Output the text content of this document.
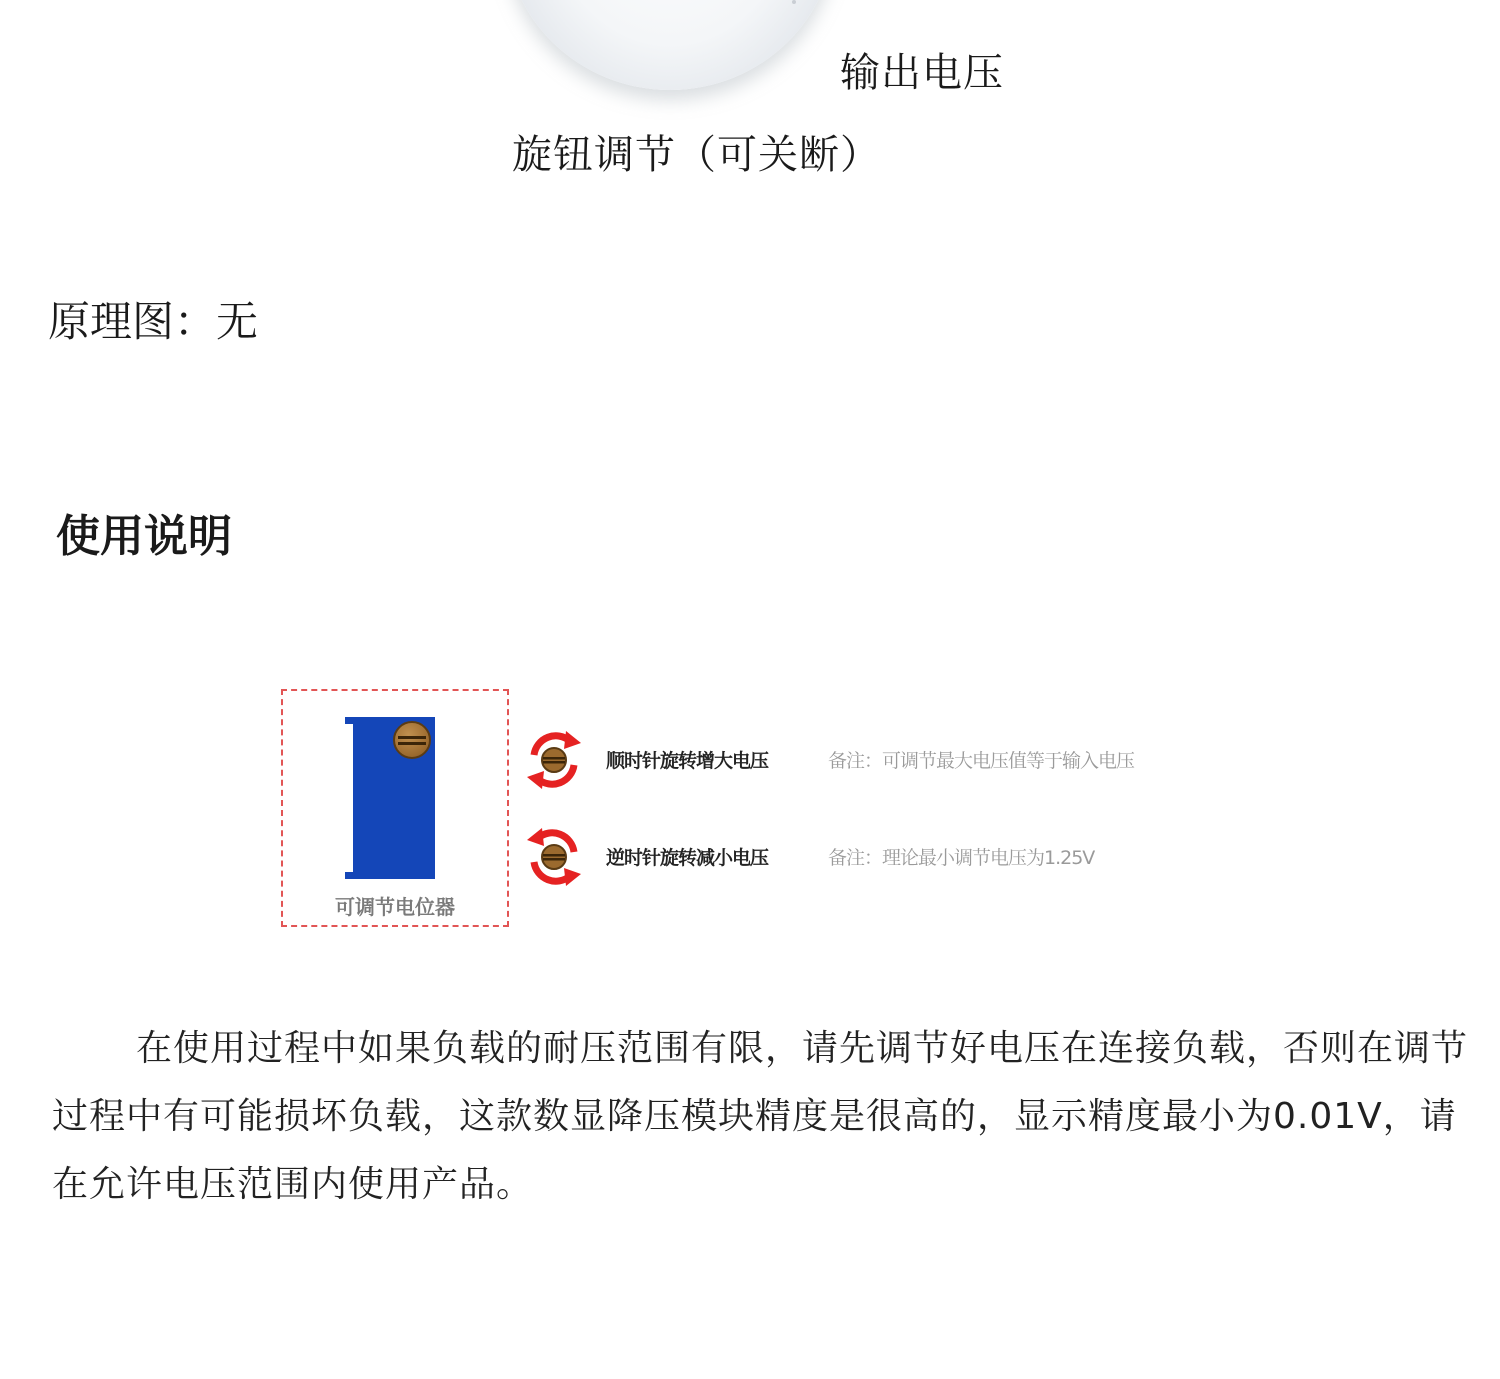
输出电压
旋钮调节（可关断）
原理图：无
使用说明
可调节电位器
顺时针旋转增大电压	备注：可调节最大电压值等于输入电压
逆时针旋转减小电压	备注：理论最小调节电压为1.25V
在使用过程中如果负载的耐压范围有限，请先调节好电压在连接负载，否则在调节过程中有可能损坏负载，这款数显降压模块精度是很高的，显示精度最小为0.01V，请在允许电压范围内使用产品。
